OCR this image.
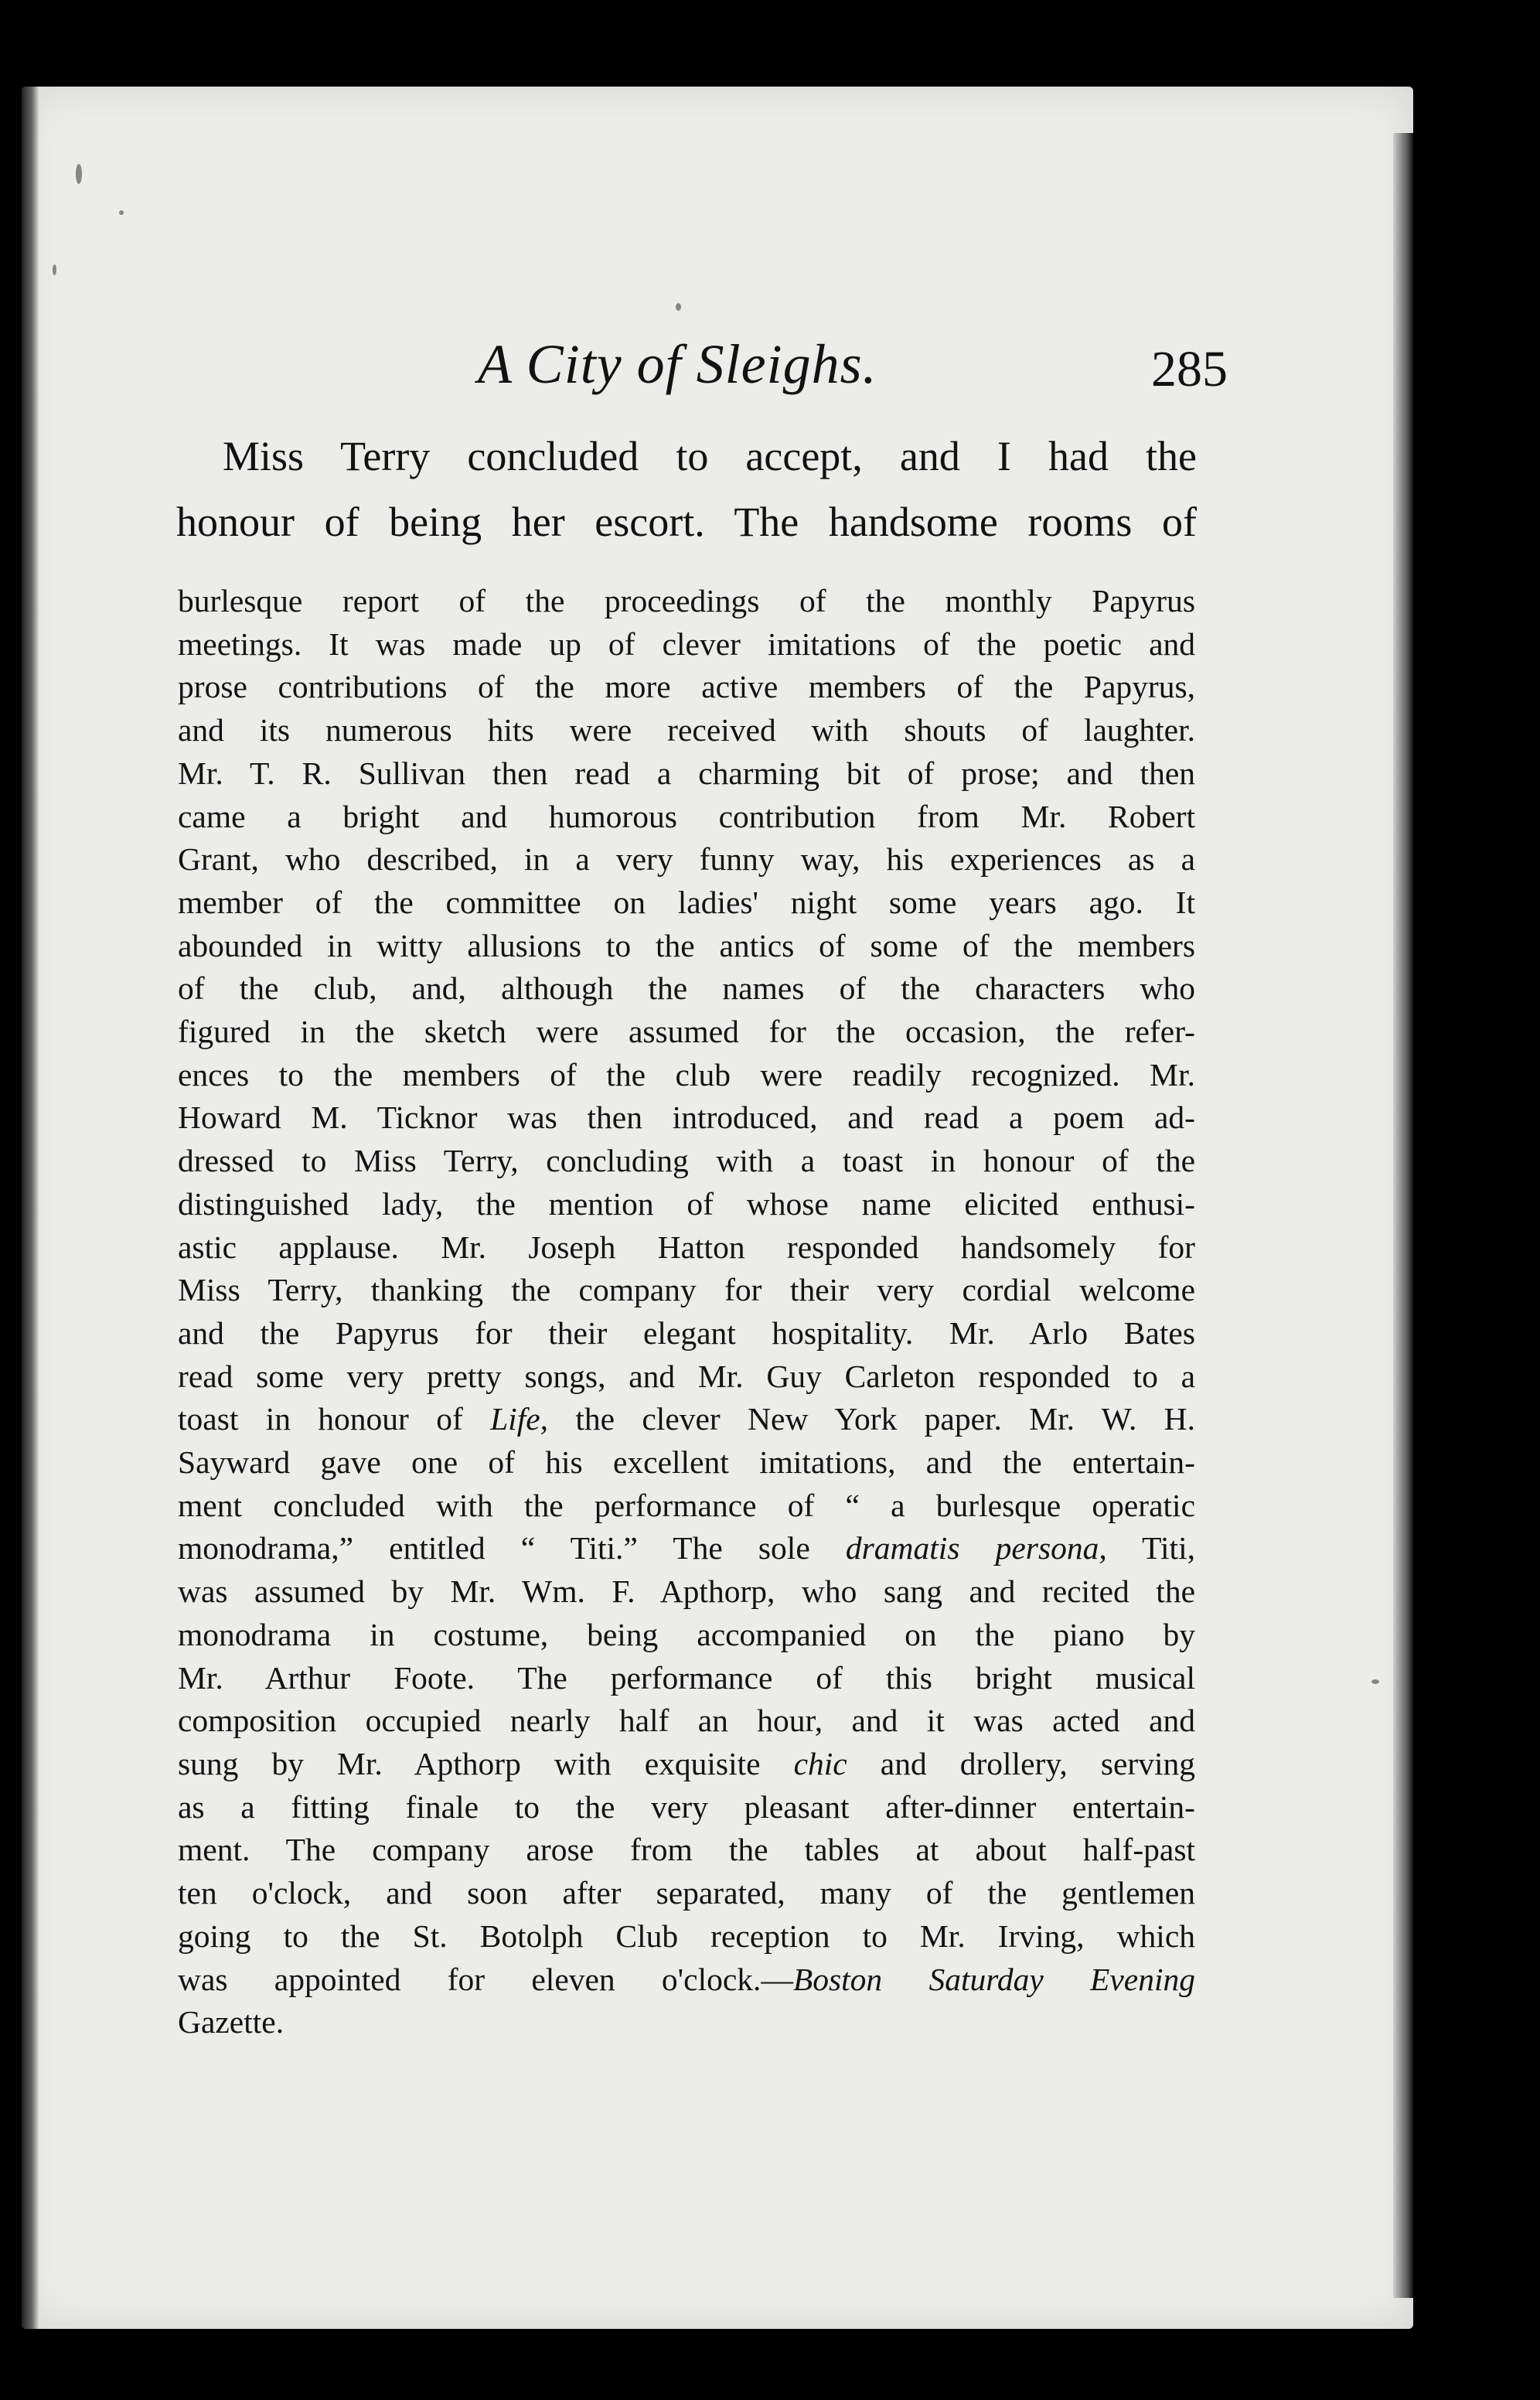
A City of Sleighs.	285

Miss Terry concluded to accept, and I had the
honour of being her escort. The handsome rooms of

burlesque report of the proceedings of the monthly Papyrus
meetings. It was made up of clever imitations of the poetic and
prose contributions of the more active members of the Papyrus,
and its numerous hits were received with shouts of laughter.
Mr. T. R. Sullivan then read a charming bit of prose; and then
came a bright and humorous contribution from Mr. Robert
Grant, who described, in a very funny way, his experiences as a
member of the committee on ladies' night some years ago. It
abounded in witty allusions to the antics of some of the members
of the club, and, although the names of the characters who
figured in the sketch were assumed for the occasion, the refer-
ences to the members of the club were readily recognized. Mr.
Howard M. Ticknor was then introduced, and read a poem ad-
dressed to Miss Terry, concluding with a toast in honour of the
distinguished lady, the mention of whose name elicited enthusi-
astic applause. Mr. Joseph Hatton responded handsomely for
Miss Terry, thanking the company for their very cordial welcome
and the Papyrus for their elegant hospitality. Mr. Arlo Bates
read some very pretty songs, and Mr. Guy Carleton responded to a
toast in honour of Life, the clever New York paper. Mr. W. H.
Sayward gave one of his excellent imitations, and the entertain-
ment concluded with the performance of “ a burlesque operatic
monodrama,” entitled “ Titi.” The sole dramatis persona, Titi,
was assumed by Mr. Wm. F. Apthorp, who sang and recited the
monodrama in costume, being accompanied on the piano by
Mr. Arthur Foote. The performance of this bright musical
composition occupied nearly half an hour, and it was acted and
sung by Mr. Apthorp with exquisite chic and drollery, serving
as a fitting finale to the very pleasant after-dinner entertain-
ment. The company arose from the tables at about half-past
ten o'clock, and soon after separated, many of the gentlemen
going to the St. Botolph Club reception to Mr. Irving, which
was appointed for eleven o'clock.—Boston Saturday Evening
Gazette.
